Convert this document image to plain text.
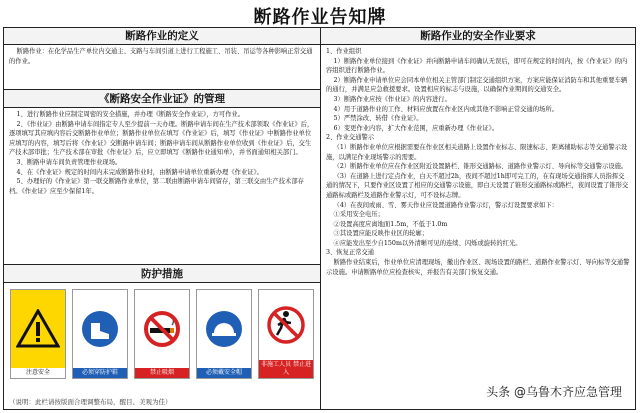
断路作业告知牌
断路作业的定义

断路作业：在化学品生产单位内交通主、支路与车间引道上进行工程施工、吊装、吊运等各种影响正常交通的作业。

《断路安全作业证》的管理

1、进行断路作业应制定周密的安全措施，并办理《断路安全作业证》，方可作业。

2、《作业证》由断路申请车间指定专人至少提前一天办理。断路申请车间在生产技术部领取《作业证》后，逐项填写其应填内容后交断路作业单位；断路作业单位在填写《作业证》后，填写《作业证》中断路作业单位应填写的内容，填写后将《作业证》交断路申请车间；断路申请车间从断路作业单位收到《作业证》后，交生产技术部审批；生产技术部在审批《作业证》后，应立即填写《断路作业通知单》，并书面通知相关部门。

3、断路申请车间负责管理作业现场。

4、在《作业证》规定的时间内未完成断路作业时，由断路申请单位重新办理《作业证》。

5、办理好的《作业证》第一联交断路作业单位，第二联由断路申请车间留存，第三联交由生产技术部存档。《作业证》应至少保留1年。

防护措施
注意安全	必须穿防护鞋	禁止吸烟	必须戴安全帽
非施工人员 禁止进入
（说明：此栏请按版面合理调整布局，醒目、美观为佳）
断路作业的安全作业要求

1、作业组织

1）断路作业单位接到《作业证》并向断路申请车间确认无误后，即可在规定的时间内，按《作业证》的内容组织进行断路作业。

2）断路作业申请单位应会同本单位相关主管部门制定交通组织方案，方案应能保证消防车和其他重要车辆的通行，并满足应急救援要求。设置相应的标志与设施，以确保作业期间的交通安全。

3）断路作业应按《作业证》的内容进行。

4）用于道路作业的工作、材料应放置在作业区内或其他不影响正常交通的场所。

5）严禁涂改、转借《作业证》。

6）变更作业内容，扩大作业范围，应重新办理《作业证》。

2、作业交通警示

（1）断路作业单位应根据需要在作业区相关道路上设置作业标志、限速标志、距离辅助标志等交通警示设施，以满足作业现场警示的需要。

（2）断路作业单位应在作业区附近设置路栏、锥形交通路标、道路作业警示灯、导向标等交通警示设施。

（3）在道路上进行定点作业，白天不超过2h，夜间不超过1h即可完工的，在有现场交通指挥人员指挥交通的情况下，只要作业区设置了相应的交通警示设施，即白天设置了锥形交通路标或路栏，夜间设置了锥形交通路标或路栏及道路作业警示灯，可不设标志牌。

（4）在夜间或雨、雪、雾天作业应设置道路作业警示灯，警示灯设置要求如下：

①采用安全电压；

②设置高度应离地面1.5m，不低于1.0m

③其设置应能反映作业区的轮廓；

④应能发出至少自150m以外清晰可见的连续、闪烁或旋转的红光。

3、恢复正常交通

断路作业结束后，作业单位应清理现场，撤出作业区、现场设置的路栏、道路作业警示灯、导向标等交通警示设施。申请断路单位应检查核实，并报告有关部门恢复交通。

头条 @乌鲁木齐应急管理
